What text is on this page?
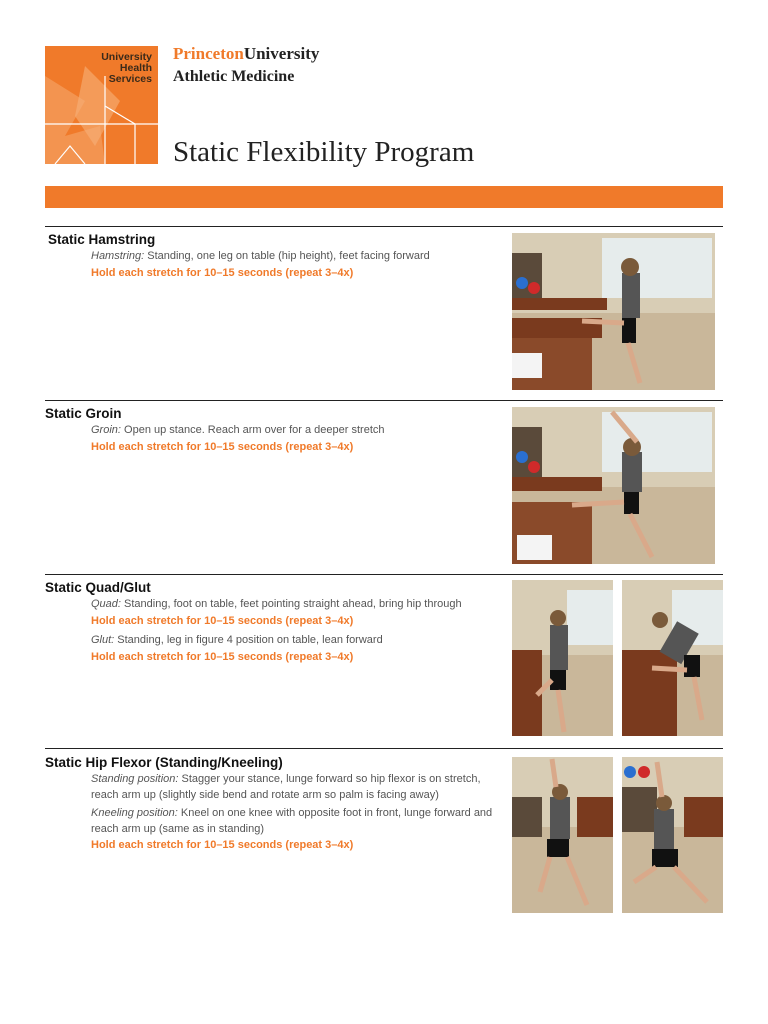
University
Health
Services
PrincetonUniversity
Athletic Medicine
Static Flexibility Program
Static Hamstring
Hamstring: Standing, one leg on table (hip height), feet facing forward
Hold each stretch for 10–15 seconds (repeat 3–4x)
Static Groin
Groin: Open up stance. Reach arm over for a deeper stretch
Hold each stretch for 10–15 seconds (repeat 3–4x)
Static Quad/Glut
Quad: Standing, foot on table, feet pointing straight ahead, bring hip through
Hold each stretch for 10–15 seconds (repeat 3–4x)
Glut: Standing, leg in figure 4 position on table, lean forward
Hold each stretch for 10–15 seconds (repeat 3–4x)
Static Hip Flexor (Standing/Kneeling)
Standing position: Stagger your stance, lunge forward so hip flexor is on stretch, reach arm up (slightly side bend and rotate arm so palm is facing away)
Kneeling position: Kneel on one knee with opposite foot in front, lunge forward and reach arm up (same as in standing)
Hold each stretch for 10–15 seconds (repeat 3–4x)
